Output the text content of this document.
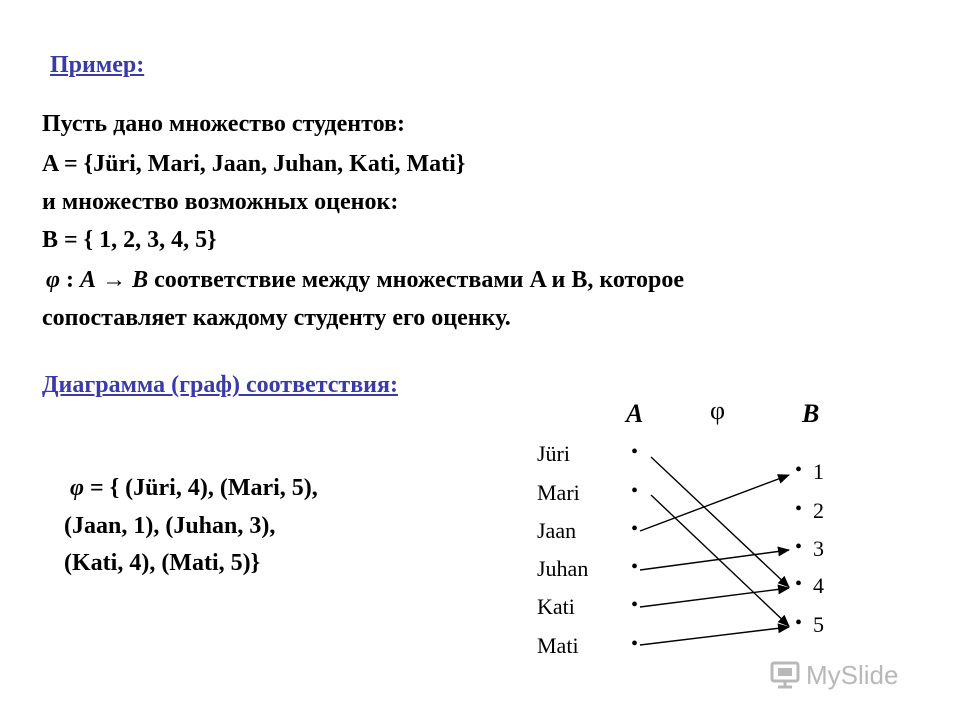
Пример:
Пусть дано множество студентов:
A = {Jüri, Mari, Jaan, Juhan, Kati, Mati}
и множество возможных оценок:
B = { 1, 2, 3, 4, 5}
φ : A → B соответствие между множествами A и B, которое
сопоставляет каждому студенту его оценку.
Диаграмма (граф) соответствия:
φ = { (Jüri, 4), (Mari, 5),
(Jaan, 1), (Juhan, 3),
(Kati, 4), (Mati, 5)}
A	φ	B
Jüri
Mari
Jaan
Juhan
Kati
Mati
•
•
•
•
•
•
•
•
•
•
•
1
2
3
4
5
MySlide
